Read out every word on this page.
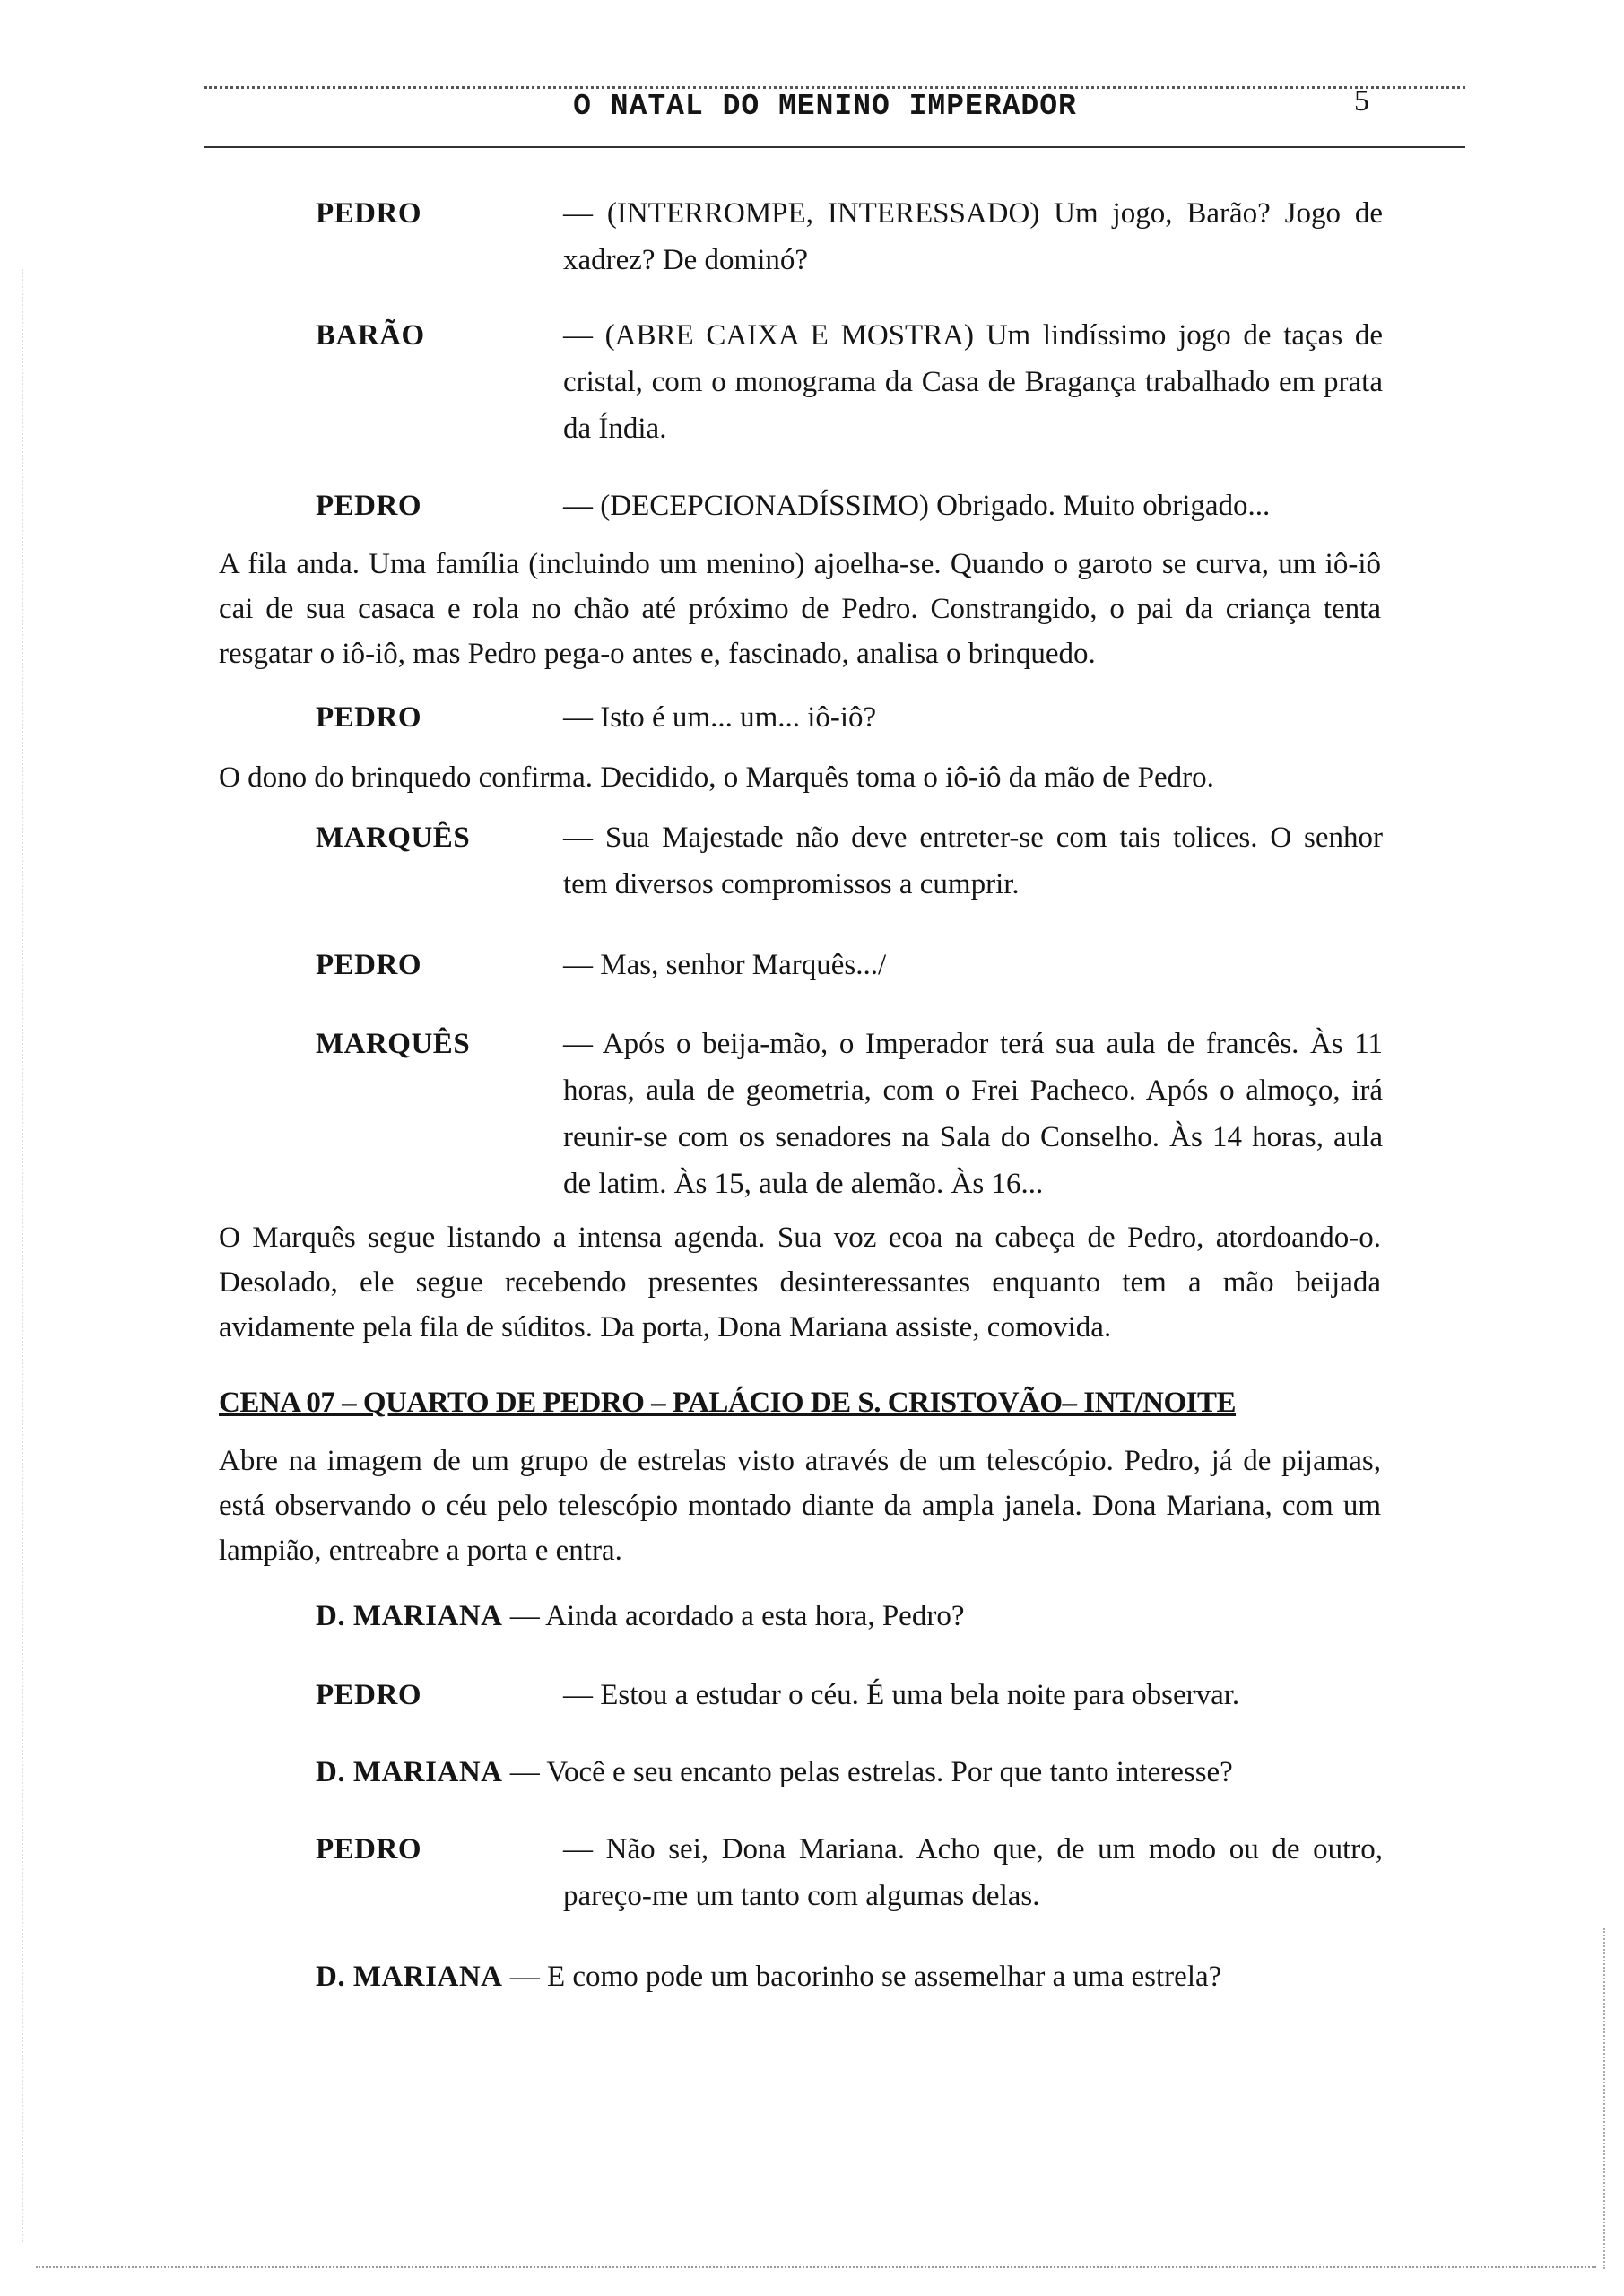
O NATAL DO MENINO IMPERADOR	5
PEDRO	— (INTERROMPE, INTERESSADO) Um jogo, Barão? Jogo de xadrez? De dominó?
BARÃO	— (ABRE CAIXA E MOSTRA) Um lindíssimo jogo de taças de cristal, com o monograma da Casa de Bragança trabalhado em prata da Índia.
PEDRO	— (DECEPCIONADÍSSIMO) Obrigado. Muito obrigado...
A fila anda. Uma família (incluindo um menino) ajoelha-se. Quando o garoto se curva, um iô-iô cai de sua casaca e rola no chão até próximo de Pedro. Constrangido, o pai da criança tenta resgatar o iô-iô, mas Pedro pega-o antes e, fascinado, analisa o brinquedo.
PEDRO	— Isto é um... um... iô-iô?
O dono do brinquedo confirma. Decidido, o Marquês toma o iô-iô da mão de Pedro.
MARQUÊS	— Sua Majestade não deve entreter-se com tais tolices. O senhor tem diversos compromissos a cumprir.
PEDRO	— Mas, senhor Marquês.../
MARQUÊS	— Após o beija-mão, o Imperador terá sua aula de francês. Às 11 horas, aula de geometria, com o Frei Pacheco. Após o almoço, irá reunir-se com os senadores na Sala do Conselho. Às 14 horas, aula de latim. Às 15, aula de alemão. Às 16...
O Marquês segue listando a intensa agenda. Sua voz ecoa na cabeça de Pedro, atordoando-o. Desolado, ele segue recebendo presentes desinteressantes enquanto tem a mão beijada avidamente pela fila de súditos. Da porta, Dona Mariana assiste, comovida.
CENA 07 – QUARTO DE PEDRO – PALÁCIO DE S. CRISTOVÃO– INT/NOITE
Abre na imagem de um grupo de estrelas visto através de um telescópio. Pedro, já de pijamas, está observando o céu pelo telescópio montado diante da ampla janela. Dona Mariana, com um lampião, entreabre a porta e entra.
D. MARIANA — Ainda acordado a esta hora, Pedro?
PEDRO	— Estou a estudar o céu. É uma bela noite para observar.
D. MARIANA — Você e seu encanto pelas estrelas. Por que tanto interesse?
PEDRO	— Não sei, Dona Mariana. Acho que, de um modo ou de outro, pareço-me um tanto com algumas delas.
D. MARIANA — E como pode um bacorinho se assemelhar a uma estrela?
